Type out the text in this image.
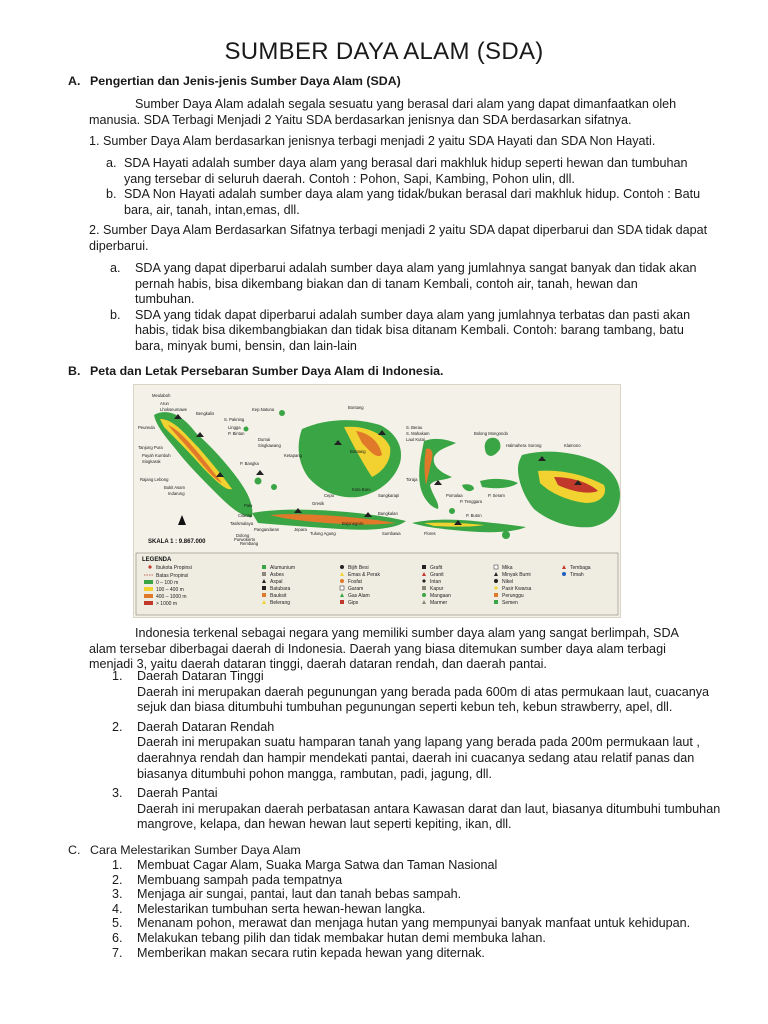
SUMBER DAYA ALAM (SDA)
A. Pengertian dan Jenis-jenis Sumber Daya Alam (SDA)
Sumber Daya Alam adalah segala sesuatu yang berasal dari alam yang dapat dimanfaatkan oleh manusia. SDA Terbagi Menjadi 2 Yaitu SDA berdasarkan jenisnya dan SDA berdasarkan sifatnya.
1. Sumber Daya Alam berdasarkan jenisnya terbagi menjadi 2 yaitu SDA Hayati dan SDA Non Hayati.
a. SDA Hayati adalah sumber daya alam yang berasal dari makhluk hidup seperti hewan dan tumbuhan yang tersebar di seluruh daerah. Contoh : Pohon, Sapi, Kambing, Pohon ulin, dll.
b. SDA Non Hayati adalah sumber daya alam yang tidak/bukan berasal dari makhluk hidup. Contoh : Batu bara, air, tanah, intan,emas, dll.
2. Sumber Daya Alam Berdasarkan Sifatnya terbagi menjadi 2 yaitu SDA dapat diperbarui dan SDA tidak dapat diperbarui.
a. SDA yang dapat diperbarui adalah sumber daya alam yang jumlahnya sangat banyak dan tidak akan pernah habis, bisa dikembang biakan dan di tanam Kembali, contoh air, tanah, hewan dan tumbuhan.
b. SDA yang tidak dapat diperbarui adalah sumber daya alam yang jumlahnya terbatas dan pasti akan habis, tidak bisa dikembangbiakan dan tidak bisa ditanam Kembali. Contoh: barang tambang, batu bara, minyak bumi, bensin, dan lain-lain
B. Peta dan Letak Persebaran Sumber Daya Alam di Indonesia.
Meulaboh
Arun
Lhokseumawe
Bengkalis
Peureula
S. Pakning
Lingga
P. Bintan
Kep.Natuna	Bontang
S. Berau
S. Mahakam
Laut Kutai
Bolong Mongondo
Halmahera Sorong	Klamono
Tanjung Pura
Payah Kumbuh
Singkarak
Dumai
Singkawang
Ketapang
Bontang
P. Bangka
Rajang Lebong
Bukit Asam
Indarung
Palu
Cilacap
Tasikmalaya
Pangandaran
Gresik
Cepu
Kota Baru
Sangkarapi
Toraja
Pomalaa	P. Seram
P. Tenggara
P. Buton
Flores
Sumbawa
Bojonegoro
Tulung Agung
Bangkalan
Jepara
Rembang
Dolong
Purwokerto
SKALA 1 : 9.867.000
LEGENDA
Ibukota Propinsi
Batas Propinsi
0 – 100 m
100 – 400 m
400 – 1000 m
> 1000 m
Alumunium
Asbes
Aspal
Batubara
Bauksit
Belerang
Bijih Besi
Emas & Perak
Fosfat
Garam
Gas Alam
Gips
Grafit
Granit
Intan
Kapur
Mangaan
Marmer
Mika
Minyak Bumi
Nikel
Pasir Kwarsa
Perunggu
Semen
Tembaga
Timah
Indonesia terkenal sebagai negara yang memiliki sumber daya alam yang sangat berlimpah, SDA alam tersebar diberbagai daerah di Indonesia. Daerah yang biasa ditemukan sumber daya alam terbagi menjadi 3, yaitu daerah dataran tinggi, daerah dataran rendah, dan daerah pantai.
1. Daerah Dataran Tinggi
Daerah ini merupakan daerah pegunungan yang berada pada 600m di atas permukaan laut, cuacanya sejuk dan biasa ditumbuhi tumbuhan pegunungan seperti kebun teh, kebun strawberry, apel, dll.
2. Daerah Dataran Rendah
Daerah ini merupakan suatu hamparan tanah yang lapang yang berada pada 200m permukaan laut , daerahnya rendah dan hampir mendekati pantai, daerah ini cuacanya sedang atau relatif panas dan biasanya ditumbuhi pohon mangga, rambutan, padi, jagung, dll.
3. Daerah Pantai
Daerah ini merupakan daerah perbatasan antara Kawasan darat dan laut, biasanya ditumbuhi tumbuhan mangrove, kelapa, dan hewan hewan laut seperti kepiting, ikan, dll.
C. Cara Melestarikan Sumber Daya Alam
1. Membuat Cagar Alam, Suaka Marga Satwa dan Taman Nasional
2. Membuang sampah pada tempatnya
3. Menjaga air sungai, pantai, laut dan tanah bebas sampah.
4. Melestarikan tumbuhan serta hewan-hewan langka.
5. Menanam pohon, merawat dan menjaga hutan yang mempunyai banyak manfaat untuk kehidupan.
6. Melakukan tebang pilih dan tidak membakar hutan demi membuka lahan.
7. Memberikan makan secara rutin kepada hewan yang diternak.
